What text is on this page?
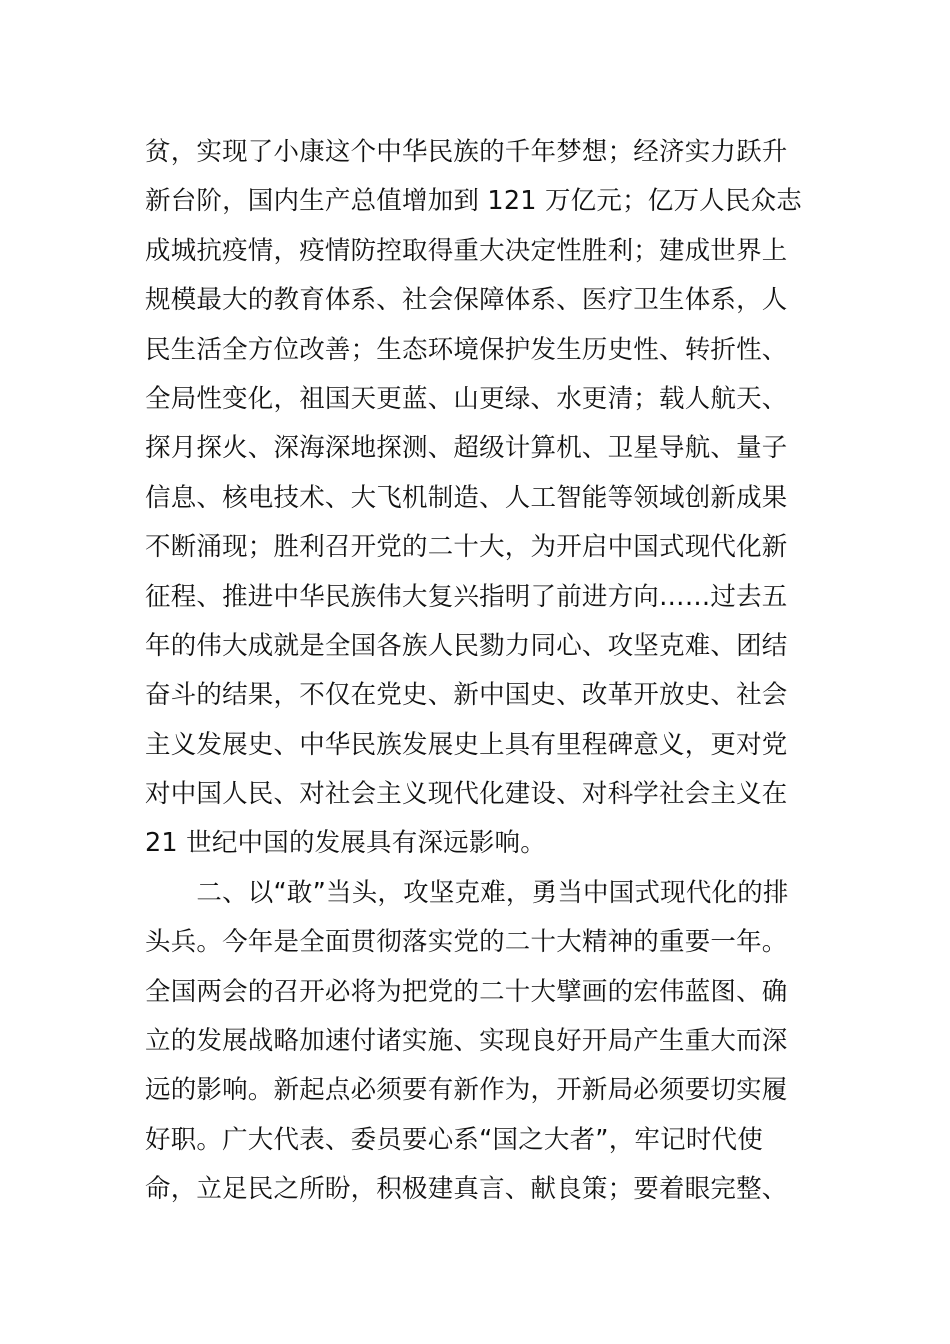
贫，实现了小康这个中华民族的千年梦想；经济实力跃升
新台阶，国内生产总值增加到 121 万亿元；亿万人民众志
成城抗疫情，疫情防控取得重大决定性胜利；建成世界上
规模最大的教育体系、社会保障体系、医疗卫生体系，人
民生活全方位改善；生态环境保护发生历史性、转折性、
全局性变化，祖国天更蓝、山更绿、水更清；载人航天、
探月探火、深海深地探测、超级计算机、卫星导航、量子
信息、核电技术、大飞机制造、人工智能等领域创新成果
不断涌现；胜利召开党的二十大，为开启中国式现代化新
征程、推进中华民族伟大复兴指明了前进方向……过去五
年的伟大成就是全国各族人民勠力同心、攻坚克难、团结
奋斗的结果，不仅在党史、新中国史、改革开放史、社会
主义发展史、中华民族发展史上具有里程碑意义，更对党
对中国人民、对社会主义现代化建设、对科学社会主义在
21 世纪中国的发展具有深远影响。
　　二、以“敢”当头，攻坚克难，勇当中国式现代化的排
头兵。今年是全面贯彻落实党的二十大精神的重要一年。
全国两会的召开必将为把党的二十大擘画的宏伟蓝图、确
立的发展战略加速付诸实施、实现良好开局产生重大而深
远的影响。新起点必须要有新作为，开新局必须要切实履
好职。广大代表、委员要心系“国之大者”，牢记时代使
命，立足民之所盼，积极建真言、献良策；要着眼完整、
